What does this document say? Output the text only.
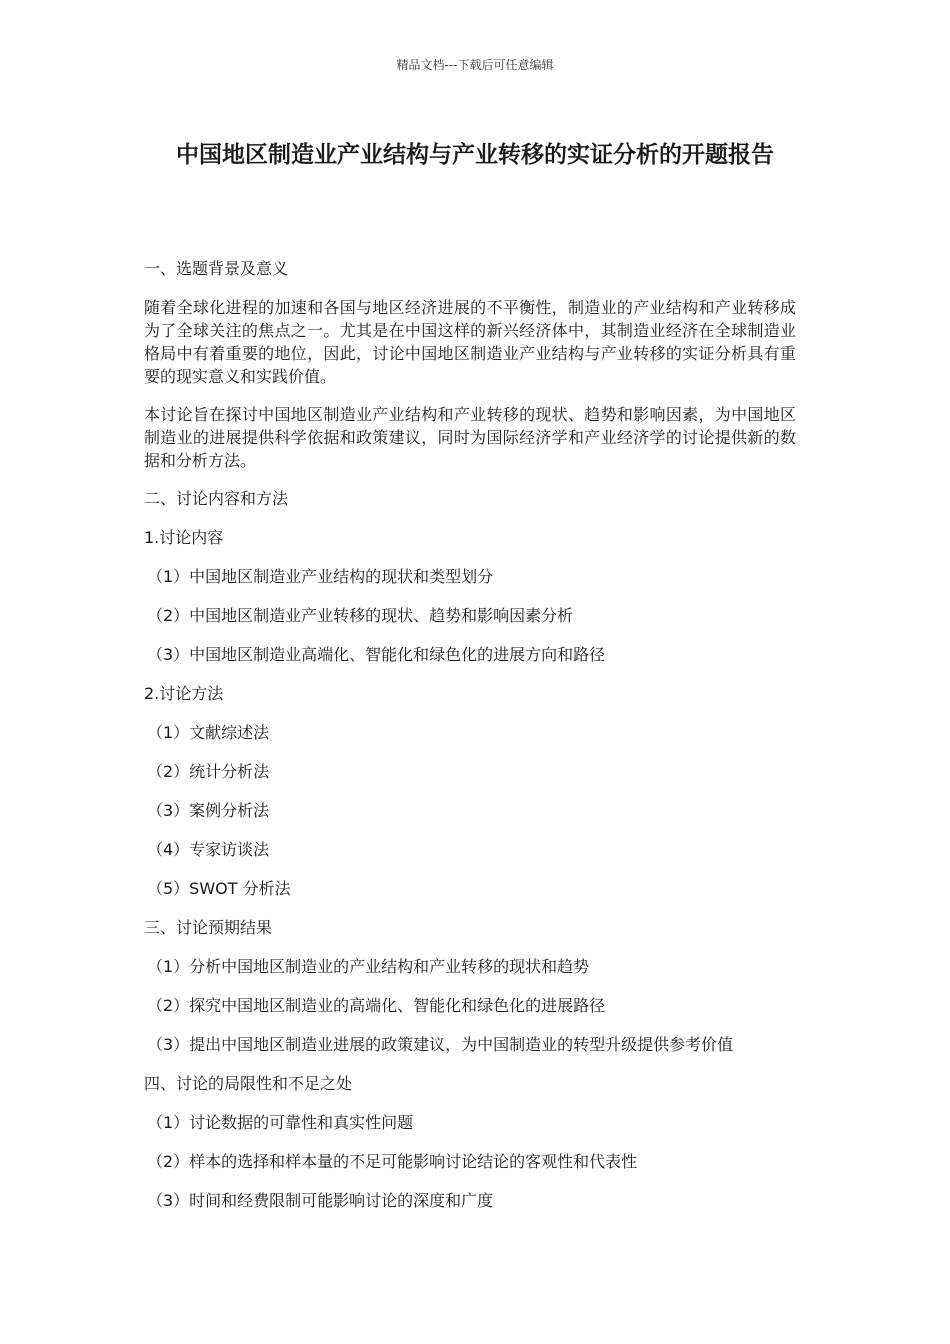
精品文档---下载后可任意编辑
中国地区制造业产业结构与产业转移的实证分析的开题报告
一、选题背景及意义

随着全球化进程的加速和各国与地区经济进展的不平衡性，制造业的产业结构和产业转移成为了全球关注的焦点之一。尤其是在中国这样的新兴经济体中，其制造业经济在全球制造业格局中有着重要的地位，因此，讨论中国地区制造业产业结构与产业转移的实证分析具有重要的现实意义和实践价值。

本讨论旨在探讨中国地区制造业产业结构和产业转移的现状、趋势和影响因素，为中国地区制造业的进展提供科学依据和政策建议，同时为国际经济学和产业经济学的讨论提供新的数据和分析方法。

二、讨论内容和方法
1.讨论内容
（1）中国地区制造业产业结构的现状和类型划分
（2）中国地区制造业产业转移的现状、趋势和影响因素分析
（3）中国地区制造业高端化、智能化和绿色化的进展方向和路径
2.讨论方法
（1）文献综述法
（2）统计分析法
（3）案例分析法
（4）专家访谈法
（5）SWOT 分析法
三、讨论预期结果
（1）分析中国地区制造业的产业结构和产业转移的现状和趋势
（2）探究中国地区制造业的高端化、智能化和绿色化的进展路径
（3）提出中国地区制造业进展的政策建议，为中国制造业的转型升级提供参考价值
四、讨论的局限性和不足之处
（1）讨论数据的可靠性和真实性问题
（2）样本的选择和样本量的不足可能影响讨论结论的客观性和代表性
（3）时间和经费限制可能影响讨论的深度和广度
